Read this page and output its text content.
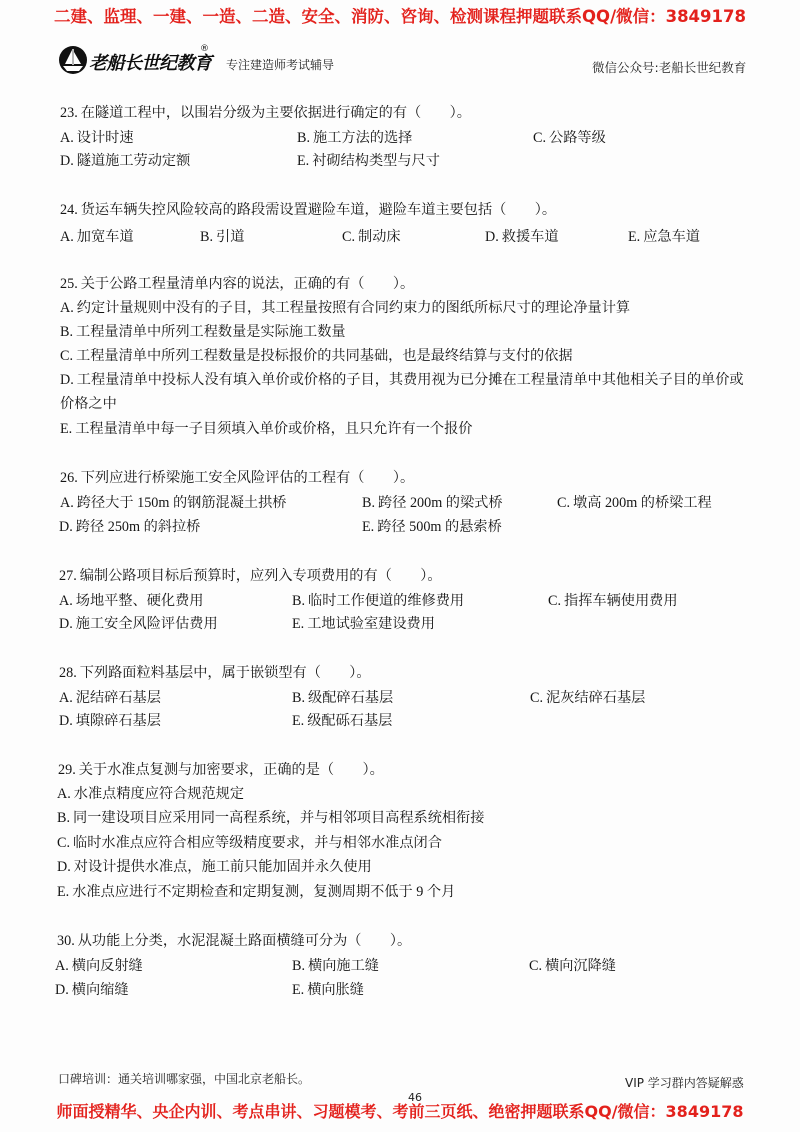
二建、监理、一建、一造、二造、安全、消防、咨询、检测课程押题联系QQ/微信：3849178
老船长世纪教育
®
专注建造师考试辅导	微信公众号:老船长世纪教育
23. 在隧道工程中，以围岩分级为主要依据进行确定的有（　　）。
A. 设计时速	B. 施工方法的选择	C. 公路等级
D. 隧道施工劳动定额	E. 衬砌结构类型与尺寸
24. 货运车辆失控风险较高的路段需设置避险车道，避险车道主要包括（　　）。
A. 加宽车道	B. 引道	C. 制动床	D. 救援车道	E. 应急车道
25. 关于公路工程量清单内容的说法，正确的有（　　）。
A. 约定计量规则中没有的子目，其工程量按照有合同约束力的图纸所标尺寸的理论净量计算
B. 工程量清单中所列工程数量是实际施工数量
C. 工程量清单中所列工程数量是投标报价的共同基础，也是最终结算与支付的依据
D. 工程量清单中投标人没有填入单价或价格的子目，其费用视为已分摊在工程量清单中其他相关子目的单价或价格之中
E. 工程量清单中每一子目须填入单价或价格，且只允许有一个报价
26. 下列应进行桥梁施工安全风险评估的工程有（　　）。
A. 跨径大于 150m 的钢筋混凝土拱桥	B. 跨径 200m 的梁式桥	C. 墩高 200m 的桥梁工程
D. 跨径 250m 的斜拉桥	E. 跨径 500m 的悬索桥
27. 编制公路项目标后预算时，应列入专项费用的有（　　）。
A. 场地平整、硬化费用	B. 临时工作便道的维修费用	C. 指挥车辆使用费用
D. 施工安全风险评估费用	E. 工地试验室建设费用
28. 下列路面粒料基层中，属于嵌锁型有（　　）。
A. 泥结碎石基层	B. 级配碎石基层	C. 泥灰结碎石基层
D. 填隙碎石基层	E. 级配砾石基层
29. 关于水准点复测与加密要求，正确的是（　　）。
A. 水准点精度应符合规范规定
B. 同一建设项目应采用同一高程系统，并与相邻项目高程系统相衔接
C. 临时水准点应符合相应等级精度要求，并与相邻水准点闭合
D. 对设计提供水准点，施工前只能加固并永久使用
E. 水准点应进行不定期检查和定期复测，复测周期不低于 9 个月
30. 从功能上分类，水泥混凝土路面横缝可分为（　　）。
A. 横向反射缝	B. 横向施工缝	C. 横向沉降缝
D. 横向缩缝	E. 横向胀缝
口碑培训：通关培训哪家强，中国北京老船长。	VIP 学习群内答疑解惑
46
师面授精华、央企内训、考点串讲、习题模考、考前三页纸、绝密押题联系QQ/微信：3849178
